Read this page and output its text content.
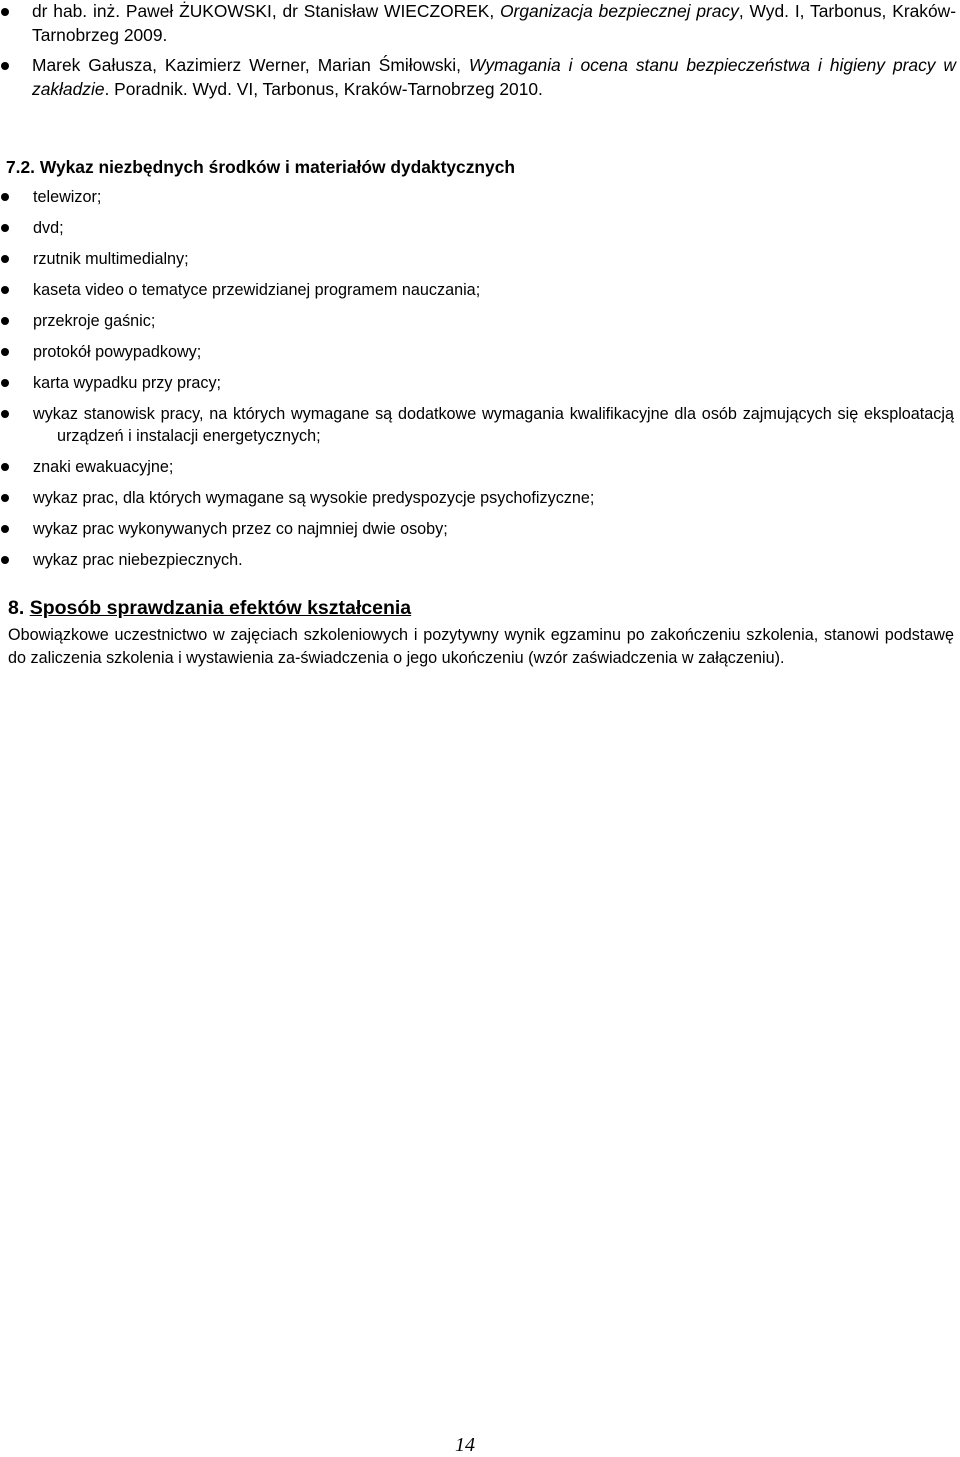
dr hab. inż. Paweł ŻUKOWSKI, dr Stanisław WIECZOREK, Organizacja bezpiecznej pracy, Wyd. I, Tarbonus, Kraków-Tarnobrzeg 2009.
Marek Gałusza, Kazimierz Werner, Marian Śmiłowski, Wymagania i ocena stanu bezpieczeństwa i higieny pracy w zakładzie. Poradnik. Wyd. VI, Tarbonus, Kraków-Tarnobrzeg 2010.
7.2. Wykaz niezbędnych środków i materiałów dydaktycznych
telewizor;
dvd;
rzutnik multimedialny;
kaseta video o tematyce przewidzianej programem nauczania;
przekroje gaśnic;
protokół powypadkowy;
karta wypadku przy pracy;
wykaz stanowisk pracy, na których wymagane są dodatkowe wymagania kwalifikacyjne dla osób zajmujących się eksploatacją urządzeń i instalacji energetycznych;
znaki ewakuacyjne;
wykaz prac, dla których wymagane są wysokie predyspozycje psychofizyczne;
wykaz prac wykonywanych przez co najmniej dwie osoby;
wykaz prac niebezpiecznych.
8. Sposób sprawdzania efektów kształcenia
Obowiązkowe uczestnictwo w zajęciach szkoleniowych i pozytywny wynik egzaminu po zakończeniu szkolenia, stanowi podstawę do zaliczenia szkolenia i wystawienia za-świadczenia o jego ukończeniu (wzór zaświadczenia w załączeniu).
14
